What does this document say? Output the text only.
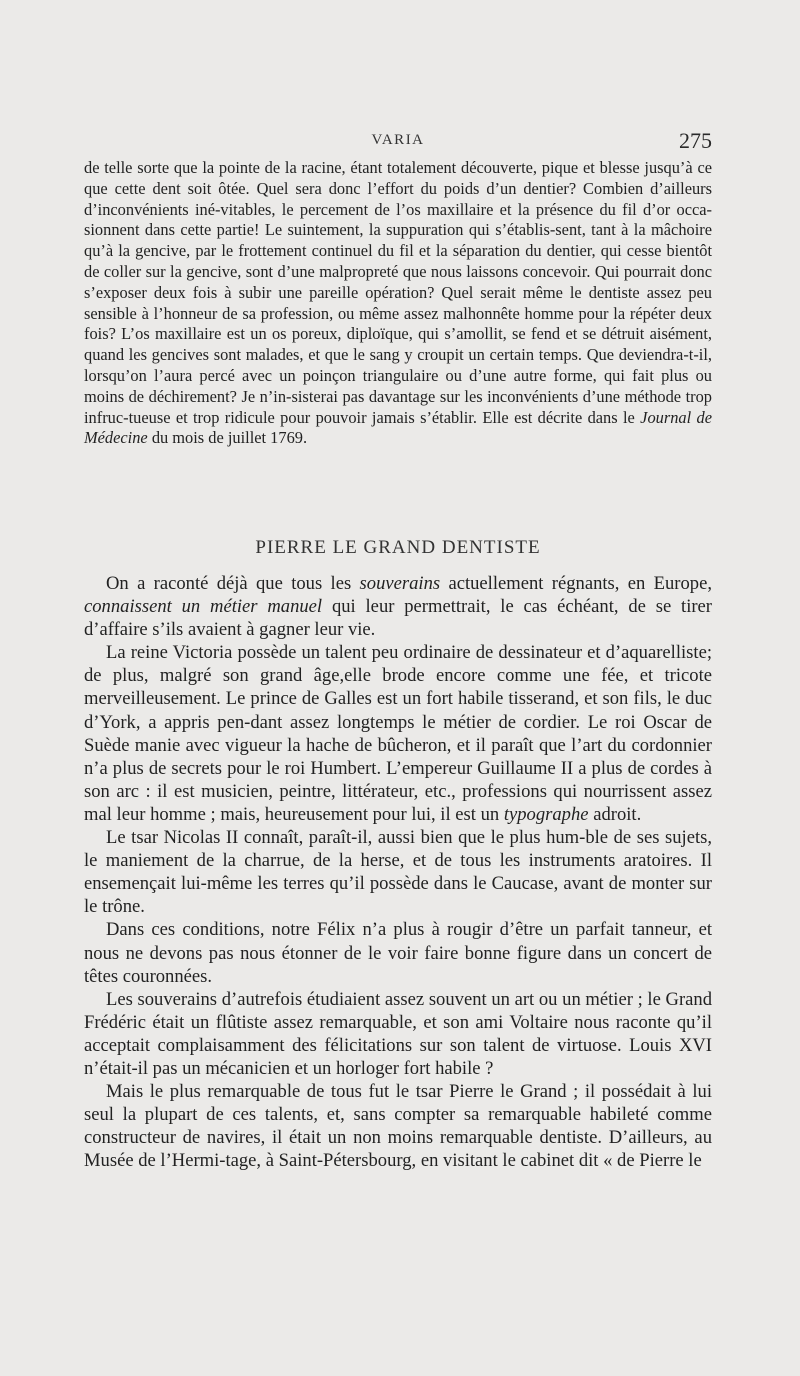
VARIA	275

de telle sorte que la pointe de la racine, étant totalement découverte, pique et blesse jusqu’à ce que cette dent soit ôtée. Quel sera donc l’effort du poids d’un dentier? Combien d’ailleurs d’inconvénients iné-vitables, le percement de l’os maxillaire et la présence du fil d’or occa-sionnent dans cette partie! Le suintement, la suppuration qui s’établis-sent, tant à la mâchoire qu’à la gencive, par le frottement continuel du fil et la séparation du dentier, qui cesse bientôt de coller sur la gencive, sont d’une malpropreté que nous laissons concevoir. Qui pourrait donc s’exposer deux fois à subir une pareille opération? Quel serait même le dentiste assez peu sensible à l’honneur de sa profession, ou même assez malhonnête homme pour la répéter deux fois? L’os maxillaire est un os poreux, diploïque, qui s’amollit, se fend et se détruit aisément, quand les gencives sont malades, et que le sang y croupit un certain temps. Que deviendra-t-il, lorsqu’on l’aura percé avec un poinçon triangulaire ou d’une autre forme, qui fait plus ou moins de déchirement? Je n’in-sisterai pas davantage sur les inconvénients d’une méthode trop infruc-tueuse et trop ridicule pour pouvoir jamais s’établir. Elle est décrite dans le Journal de Médecine du mois de juillet 1769.

PIERRE LE GRAND DENTISTE

On a raconté déjà que tous les souverains actuellement régnants, en Europe, connaissent un métier manuel qui leur permettrait, le cas échéant, de se tirer d’affaire s’ils avaient à gagner leur vie.

La reine Victoria possède un talent peu ordinaire de dessinateur et d’aquarelliste; de plus, malgré son grand âge,elle brode encore comme une fée, et tricote merveilleusement. Le prince de Galles est un fort habile tisserand, et son fils, le duc d’York, a appris pen-dant assez longtemps le métier de cordier. Le roi Oscar de Suède manie avec vigueur la hache de bûcheron, et il paraît que l’art du cordonnier n’a plus de secrets pour le roi Humbert. L’empereur Guillaume II a plus de cordes à son arc : il est musicien, peintre, littérateur, etc., professions qui nourrissent assez mal leur homme ; mais, heureusement pour lui, il est un typographe adroit.

Le tsar Nicolas II connaît, paraît-il, aussi bien que le plus hum-ble de ses sujets, le maniement de la charrue, de la herse, et de tous les instruments aratoires. Il ensemençait lui-même les terres qu’il possède dans le Caucase, avant de monter sur le trône.

Dans ces conditions, notre Félix n’a plus à rougir d’être un parfait tanneur, et nous ne devons pas nous étonner de le voir faire bonne figure dans un concert de têtes couronnées.

Les souverains d’autrefois étudiaient assez souvent un art ou un métier ; le Grand Frédéric était un flûtiste assez remarquable, et son ami Voltaire nous raconte qu’il acceptait complaisamment des félicitations sur son talent de virtuose. Louis XVI n’était-il pas un mécanicien et un horloger fort habile ?

Mais le plus remarquable de tous fut le tsar Pierre le Grand ; il possédait à lui seul la plupart de ces talents, et, sans compter sa remarquable habileté comme constructeur de navires, il était un non moins remarquable dentiste. D’ailleurs, au Musée de l’Hermi-tage, à Saint-Pétersbourg, en visitant le cabinet dit « de Pierre le
